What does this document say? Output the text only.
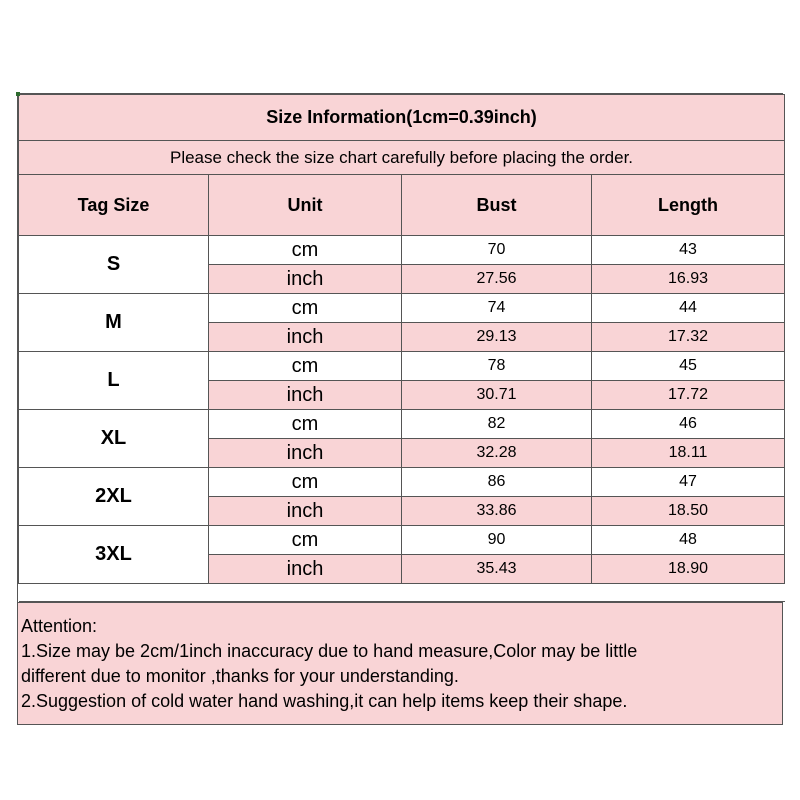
Size Information(1cm=0.39inch)			
Please check the size chart carefully before placing the order.			
Tag Size	Unit	Bust	Length
S	cm	70	43
	inch	27.56	16.93
M	cm	74	44
	inch	29.13	17.32
L	cm	78	45
	inch	30.71	17.72
XL	cm	82	46
	inch	32.28	18.11
2XL	cm	86	47
	inch	33.86	18.50
3XL	cm	90	48
	inch	35.43	18.90

Attention:
1.Size may be 2cm/1inch inaccuracy due to hand measure,Color may be little
different due to monitor ,thanks for your understanding.
2.Suggestion of cold water hand washing,it can help items keep their shape.
